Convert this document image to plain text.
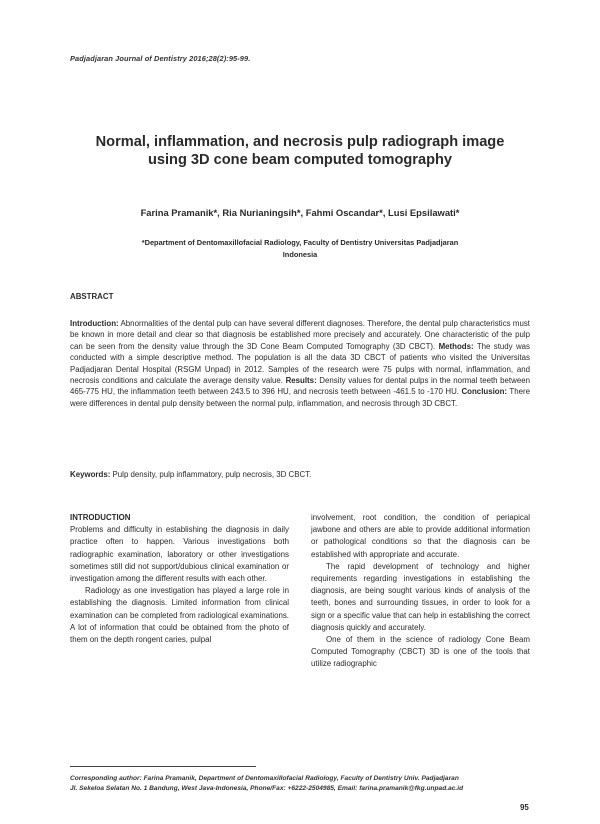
Padjadjaran Journal of Dentistry 2016;28(2):95-99.
Normal, inflammation, and necrosis pulp radiograph image
using 3D cone beam computed tomography
Farina Pramanik*, Ria Nurianingsih*, Fahmi Oscandar*, Lusi Epsilawati*
*Department of Dentomaxillofacial Radiology, Faculty of Dentistry Universitas Padjadjaran
Indonesia
ABSTRACT
Introduction: Abnormalities of the dental pulp can have several different diagnoses. Therefore, the dental pulp characteristics must be known in more detail and clear so that diagnosis be established more precisely and accurately. One characteristic of the pulp can be seen from the density value through the 3D Cone Beam Computed Tomography (3D CBCT). Methods: The study was conducted with a simple descriptive method. The population is all the data 3D CBCT of patients who visited the Universitas Padjadjaran Dental Hospital (RSGM Unpad) in 2012. Samples of the research were 75 pulps with normal, inflammation, and necrosis conditions and calculate the average density value. Results: Density values for dental pulps in the normal teeth between 465-775 HU, the inflammation teeth between 243.5 to 396 HU, and necrosis teeth between -461.5 to -170 HU. Conclusion: There were differences in dental pulp density between the normal pulp, inflammation, and necrosis through 3D CBCT.
Keywords: Pulp density, pulp inflammatory, pulp necrosis, 3D CBCT.

INTRODUCTION

Problems and difficulty in establishing the diagnosis in daily practice often to happen. Various investigations both radiographic examination, laboratory or other investigations sometimes still did not support/dubious clinical examination or investigation among the different results with each other.

Radiology as one investigation has played a large role in establishing the diagnosis. Limited information from clinical examination can be completed from radiological examinations. A lot of information that could be obtained from the photo of them on the depth rongent caries, pulpal

involvement, root condition, the condition of periapical jawbone and others are able to provide additional information or pathological conditions so that the diagnosis can be established with appropriate and accurate.

The rapid development of technology and higher requirements regarding investigations in establishing the diagnosis, are being sought various kinds of analysis of the teeth, bones and surrounding tissues, in order to look for a sign or a specific value that can help in establishing the correct diagnosis quickly and accurately.

One of them in the science of radiology Cone Beam Computed Tomography (CBCT) 3D is one of the tools that utilize radiographic

Corresponding author: Farina Pramanik, Department of Dentomaxillofacial Radiology, Faculty of Dentistry Univ. Padjadjaran
Jl. Sekeloa Selatan No. 1 Bandung, West Java-Indonesia, Phone/Fax: +6222-2504985, Email: farina.pramanik@fkg.unpad.ac.id
95
